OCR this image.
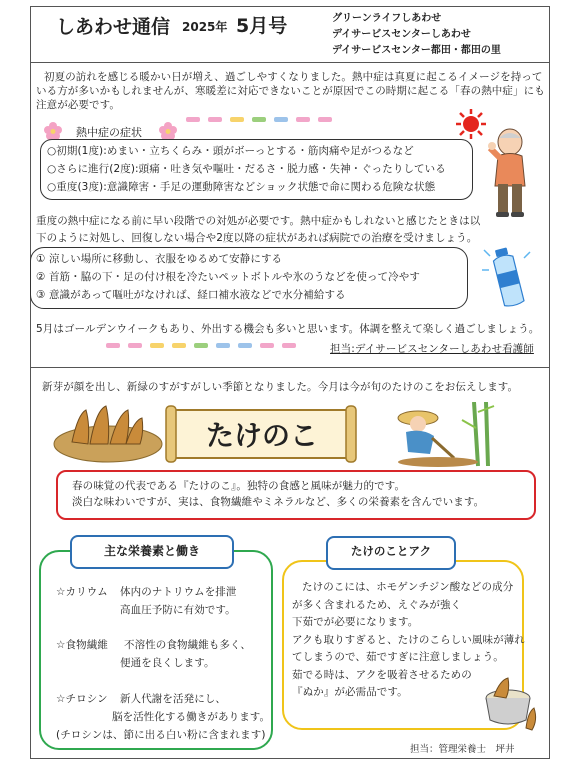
しあわせ通信 2025年 5月号	グリーンライフしあわせ
デイサービスセンターしあわせ
デイサービスセンター都田・都田の里
初夏の訪れを感じる暖かい日が増え、過ごしやすくなりました。熱中症は真夏に起こるイメージを持って
いる方が多いかもしれませんが、寒暖差に対応できないことが原因でこの時期に起こる「春の熱中症」にも
注意が必要です。
熱中症の症状
○初期(1度):めまい・立ちくらみ・頭がボーっとする・筋肉痛や足がつるなど
○さらに進行(2度):頭痛・吐き気や嘔吐・だるさ・脱力感・失神・ぐったりしている
○重度(3度):意識障害・手足の運動障害などショック状態で命に関わる危険な状態
重度の熱中症になる前に早い段階での対処が必要です。熱中症かもしれないと感じたときは以
下のように対処し、回復しない場合や2度以降の症状があれば病院での治療を受けましょう。
① 涼しい場所に移動し、衣服をゆるめて安静にする
② 首筋・脇の下・足の付け根を冷たいペットボトルや氷のうなどを使って冷やす
③ 意識があって嘔吐がなければ、経口補水液などで水分補給する
5月はゴールデンウイークもあり、外出する機会も多いと思います。体調を整えて楽しく過ごしましょう。
担当:デイサービスセンターしあわせ看護師
新芽が顔を出し、新緑のすがすがしい季節となりました。今月は今が旬のたけのこをお伝えします。
たけのこ
春の味覚の代表である『たけのこ』。独特の食感と風味が魅力的です。
淡白な味わいですが、実は、食物繊維やミネラルなど、多くの栄養素を含んでいます。
主な栄養素と働き
☆カリウム	体内のナトリウムを排泄
高血圧予防に有効です。
☆食物繊維	不溶性の食物繊維も多く、
便通を良くします。
☆チロシン	新人代謝を活発にし、
脳を活性化する働きがあります。
(チロシンは、節に出る白い粉に含まれます)
たけのことアク
たけのこには、ホモゲンチジン酸などの成分
が多く含まれるため、えぐみが強く
下茹でが必要になります。
アクも取りすぎると、たけのこらしい風味が薄れ
てしまうので、茹ですぎに注意しましょう。
茹でる時は、アクを吸着させるための
『ぬか』が必需品です。
担当：管理栄養士　坪井
